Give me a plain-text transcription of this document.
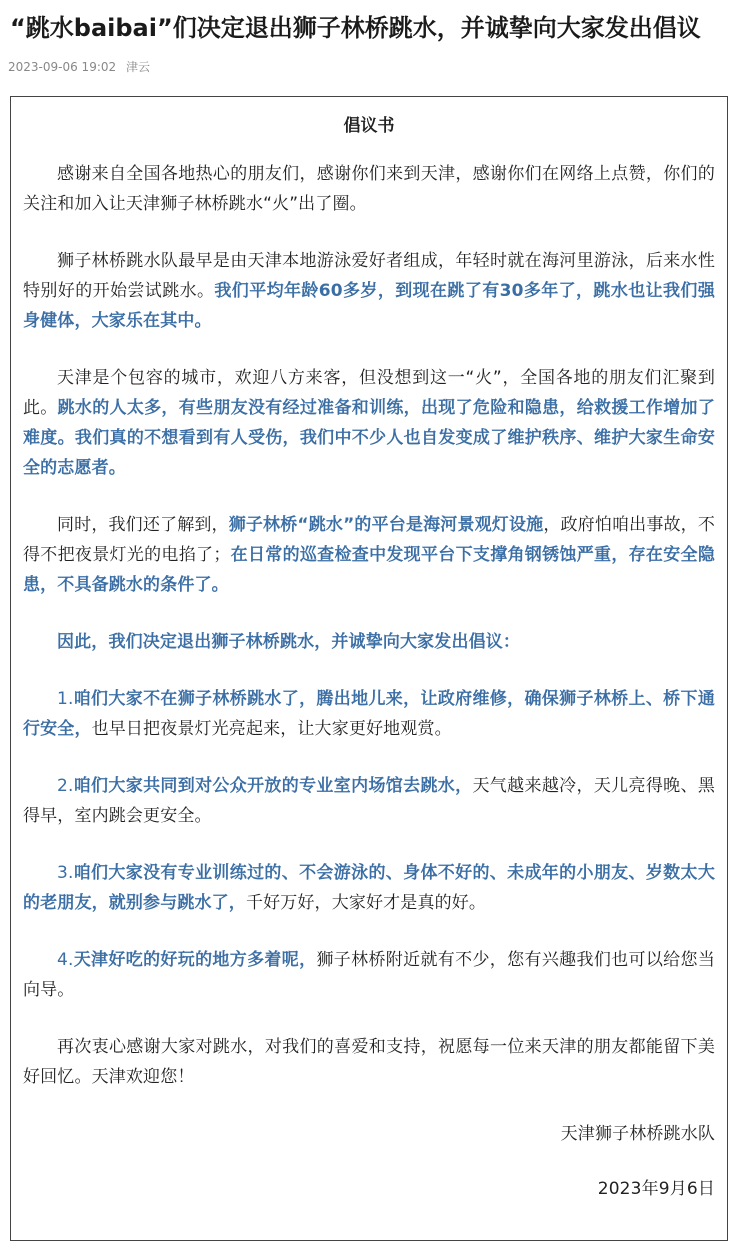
“跳水baibai”们决定退出狮子林桥跳水，并诚挚向大家发出倡议
2023-09-06 19:02 津云
倡议书

感谢来自全国各地热心的朋友们，感谢你们来到天津，感谢你们在网络上点赞，你们的关注和加入让天津狮子林桥跳水“火”出了圈。

狮子林桥跳水队最早是由天津本地游泳爱好者组成，年轻时就在海河里游泳，后来水性特别好的开始尝试跳水。我们平均年龄60多岁，到现在跳了有30多年了，跳水也让我们强身健体，大家乐在其中。

天津是个包容的城市，欢迎八方来客，但没想到这一“火”，全国各地的朋友们汇聚到此。跳水的人太多，有些朋友没有经过准备和训练，出现了危险和隐患，给救援工作增加了难度。我们真的不想看到有人受伤，我们中不少人也自发变成了维护秩序、维护大家生命安全的志愿者。

同时，我们还了解到，狮子林桥“跳水”的平台是海河景观灯设施，政府怕咱出事故，不得不把夜景灯光的电掐了；在日常的巡查检查中发现平台下支撑角钢锈蚀严重，存在安全隐患，不具备跳水的条件了。

因此，我们决定退出狮子林桥跳水，并诚挚向大家发出倡议：

1.咱们大家不在狮子林桥跳水了，腾出地儿来，让政府维修，确保狮子林桥上、桥下通行安全，也早日把夜景灯光亮起来，让大家更好地观赏。

2.咱们大家共同到对公众开放的专业室内场馆去跳水，天气越来越冷，天儿亮得晚、黑得早，室内跳会更安全。

3.咱们大家没有专业训练过的、不会游泳的、身体不好的、未成年的小朋友、岁数太大的老朋友，就别参与跳水了，千好万好，大家好才是真的好。

4.天津好吃的好玩的地方多着呢，狮子林桥附近就有不少，您有兴趣我们也可以给您当向导。

再次衷心感谢大家对跳水，对我们的喜爱和支持，祝愿每一位来天津的朋友都能留下美好回忆。天津欢迎您！

天津狮子林桥跳水队
2023年9月6日
